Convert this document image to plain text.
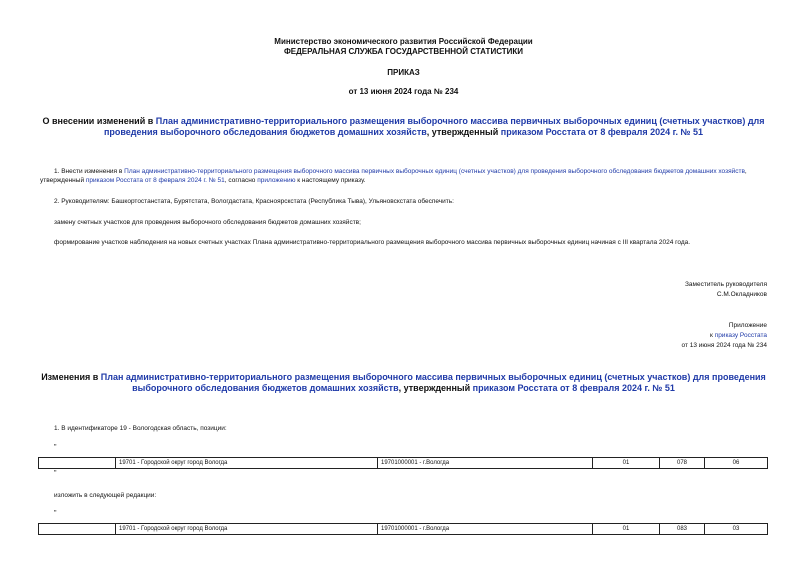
Министерство экономического развития Российской Федерации
ФЕДЕРАЛЬНАЯ СЛУЖБА ГОСУДАРСТВЕННОЙ СТАТИСТИКИ
ПРИКАЗ
от 13 июня 2024 года № 234
О внесении изменений в План административно-территориального размещения выборочного массива первичных выборочных единиц (счетных участков) для проведения выборочного обследования бюджетов домашних хозяйств, утвержденный приказом Росстата от 8 февраля 2024 г. № 51
1. Внести изменения в План административно-территориального размещения выборочного массива первичных выборочных единиц (счетных участков) для проведения выборочного обследования бюджетов домашних хозяйств, утвержденный приказом Росстата от 8 февраля 2024 г. № 51, согласно приложению к настоящему приказу.
2. Руководителям: Башкортостанстата, Бурятстата, Вологдастата, Красноярскстата (Республика Тыва), Ульяновскстата обеспечить:
замену счетных участков для проведения выборочного обследования бюджетов домашних хозяйств;
формирование участков наблюдения на новых счетных участках Плана административно-территориального размещения выборочного массива первичных выборочных единиц начиная с III квартала 2024 года.
Заместитель руководителя
С.М.Окладников
Приложение
к приказу Росстата
от 13 июня 2024 года № 234
Изменения в План административно-территориального размещения выборочного массива первичных выборочных единиц (счетных участков) для проведения выборочного обследования бюджетов домашних хозяйств, утвержденный приказом Росстата от 8 февраля 2024 г. № 51
1. В идентификаторе 19 - Вологодская область, позиции:
"
	19701 - Городской округ город Вологда	19701000001 - г.Вологда	01	078	06
"
изложить в следующей редакции:
"
	19701 - Городской округ город Вологда	19701000001 - г.Вологда	01	083	03
